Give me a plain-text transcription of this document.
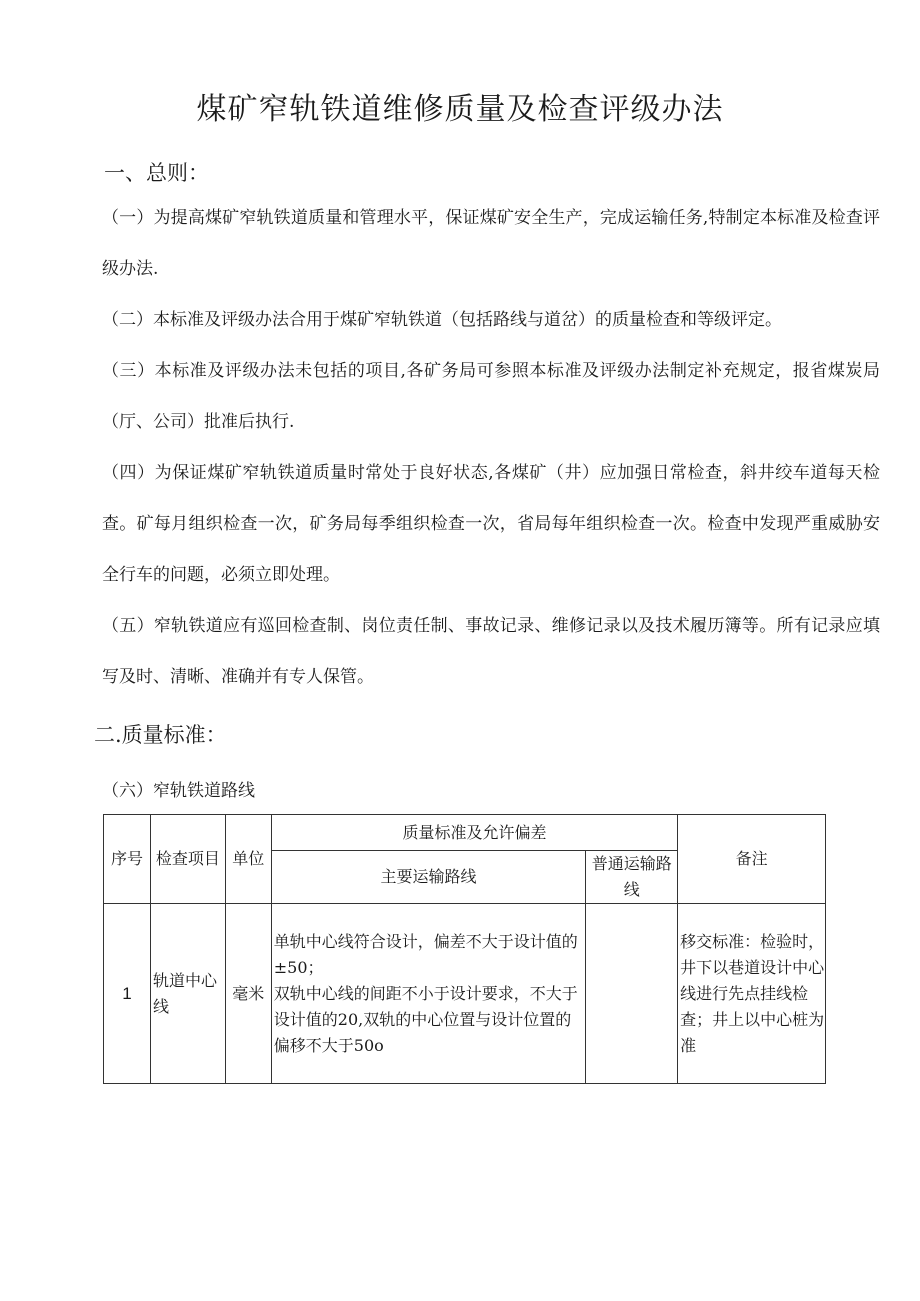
煤矿窄轨铁道维修质量及检查评级办法
一、总则：

（一）为提高煤矿窄轨铁道质量和管理水平，保证煤矿安全生产，完成运输任务,特制定本标准及检查评级办法.

（二）本标准及评级办法合用于煤矿窄轨铁道（包括路线与道岔）的质量检查和等级评定。

（三）本标准及评级办法未包括的项目,各矿务局可参照本标准及评级办法制定补充规定，报省煤炭局（厅、公司）批准后执行.

（四）为保证煤矿窄轨铁道质量时常处于良好状态,各煤矿（井）应加强日常检查，斜井绞车道每天检查。矿每月组织检查一次，矿务局每季组织检查一次，省局每年组织检查一次。检查中发现严重威胁安全行车的问题，必须立即处理。

（五）窄轨铁道应有巡回检查制、岗位责任制、事故记录、维修记录以及技术履历簿等。所有记录应填写及时、清晰、准确并有专人保管。

二.质量标准：
（六）窄轨铁道路线
序号	检查项目	单位	质量标准及允许偏差		备注
			主要运输路线	普通运输路线	
1	轨道中心线	毫米	单轨中心线符合设计，偏差不大于设计值的±50；
双轨中心线的间距不小于设计要求，不大于设计值的20,双轨的中心位置与设计位置的偏移不大于50o		移交标准：检验时，井下以巷道设计中心线进行先点挂线检查；井上以中心桩为准
